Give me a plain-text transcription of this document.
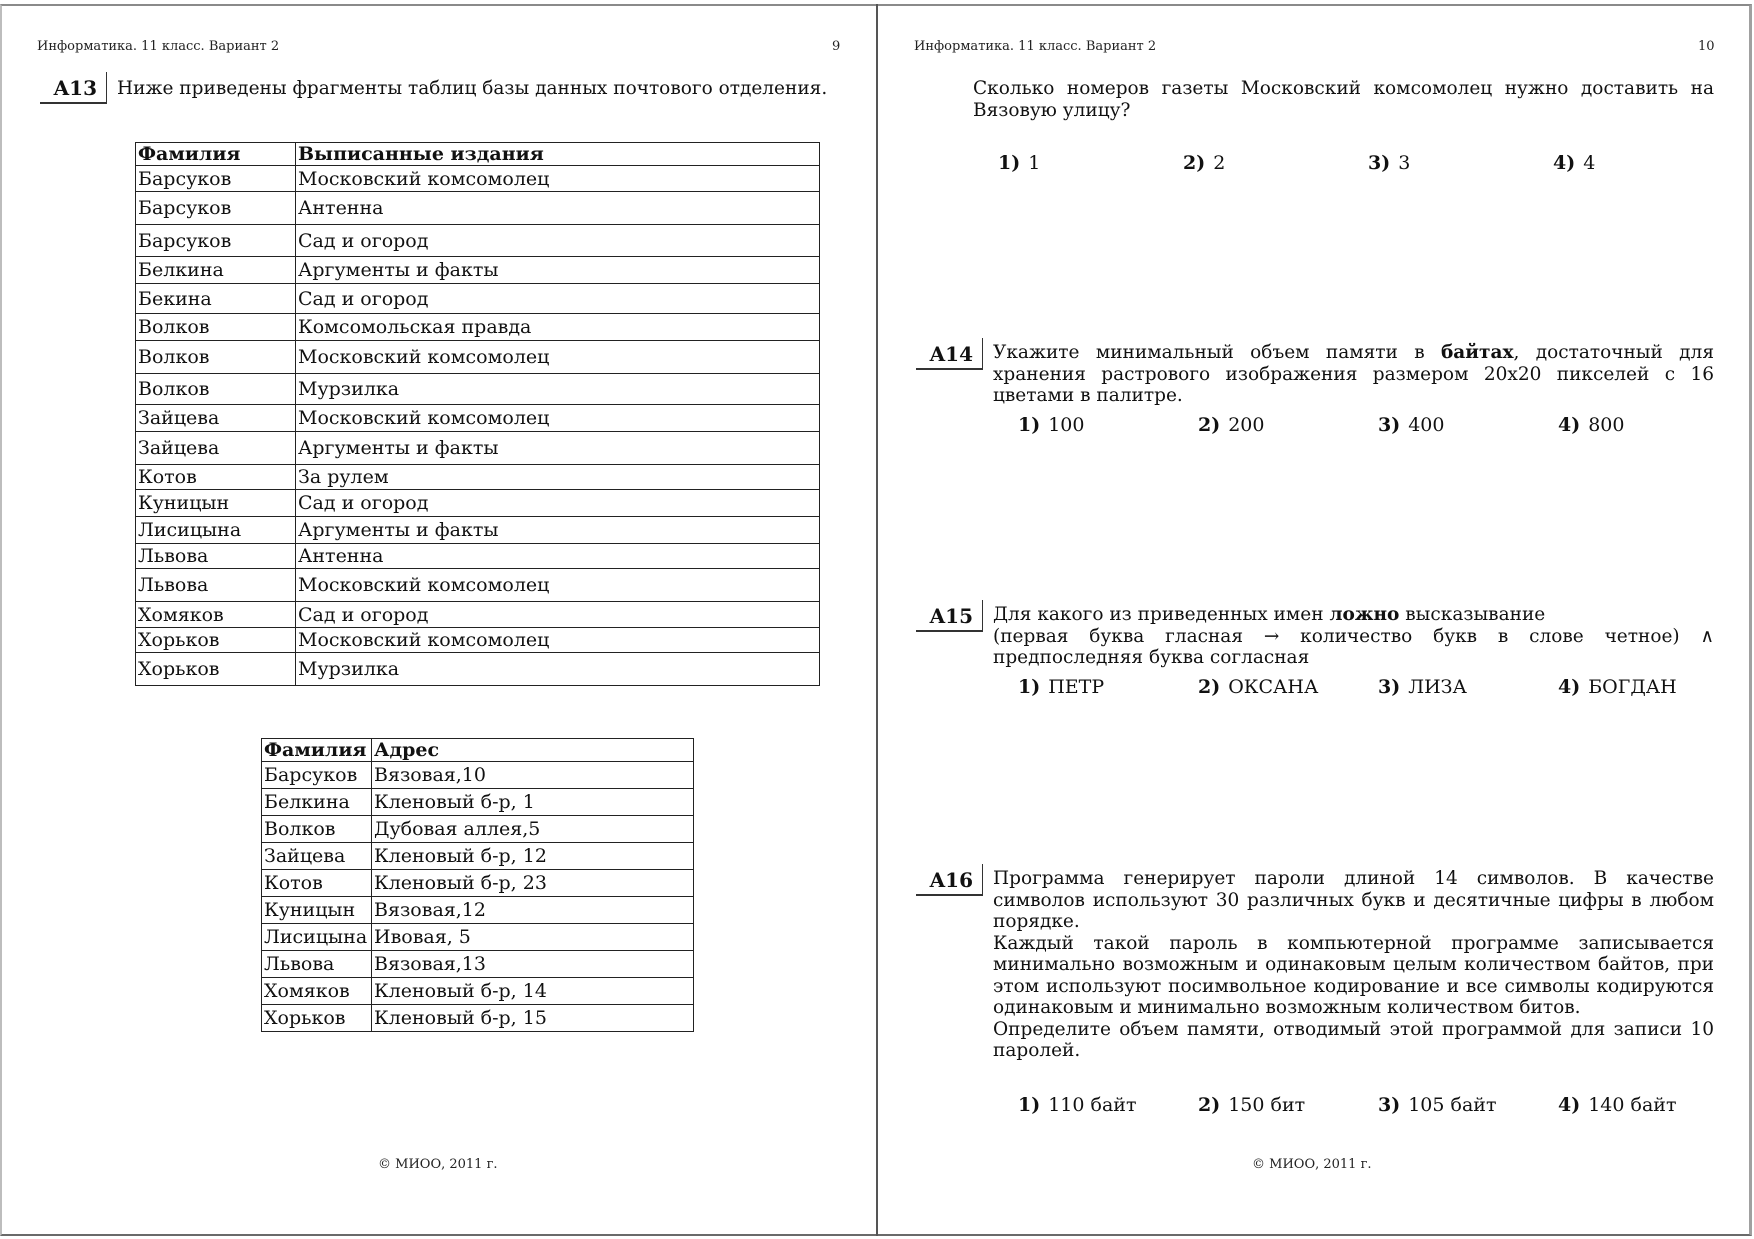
Информатика. 11 класс. Вариант 2	9
A13	Ниже приведены фрагменты таблиц базы данных почтового отделения.
Фамилия	Выписанные издания
Барсуков	Московский комсомолец
Барсуков	Антенна
Барсуков	Сад и огород
Белкина	Аргументы и факты
Бекина	Сад и огород
Волков	Комсомольская правда
Волков	Московский комсомолец
Волков	Мурзилка
Зайцева	Московский комсомолец
Зайцева	Аргументы и факты
Котов	За рулем
Куницын	Сад и огород
Лисицына	Аргументы и факты
Львова	Антенна
Львова	Московский комсомолец
Хомяков	Сад и огород
Хорьков	Московский комсомолец
Хорьков	Мурзилка
Фамилия	Адрес
Барсуков	Вязовая,10
Белкина	Кленовый б-р, 1
Волков	Дубовая аллея,5
Зайцева	Кленовый б-р, 12
Котов	Кленовый б-р, 23
Куницын	Вязовая,12
Лисицына	Ивовая, 5
Львова	Вязовая,13
Хомяков	Кленовый б-р, 14
Хорьков	Кленовый б-р, 15
© МИОО, 2011 г.
Информатика. 11 класс. Вариант 2	10
Сколько номеров газеты Московский комсомолец нужно доставить на Вязовую улицу?
1) 1	2) 2	3) 3	4) 4
A14	Укажите минимальный объем памяти в байтах, достаточный для хранения растрового изображения размером 20x20 пикселей с 16 цветами в палитре.
1) 100	2) 200	3) 400	4) 800
A15	Для какого из приведенных имен ложно высказывание
(первая буква гласная → количество букв в слове четное) ∧
предпоследняя буква согласная
1) ПЕТР	2) ОКСАНА	3) ЛИЗА	4) БОГДАН
A16	Программа генерирует пароли длиной 14 символов. В качестве символов используют 30 различных букв и десятичные цифры в любом порядке.
Каждый такой пароль в компьютерной программе записывается минимально возможным и одинаковым целым количеством байтов, при этом используют посимвольное кодирование и все символы кодируются одинаковым и минимально возможным количеством битов.
Определите объем памяти, отводимый этой программой для записи 10 паролей.
1) 110 байт	2) 150 бит	3) 105 байт	4) 140 байт
© МИОО, 2011 г.
